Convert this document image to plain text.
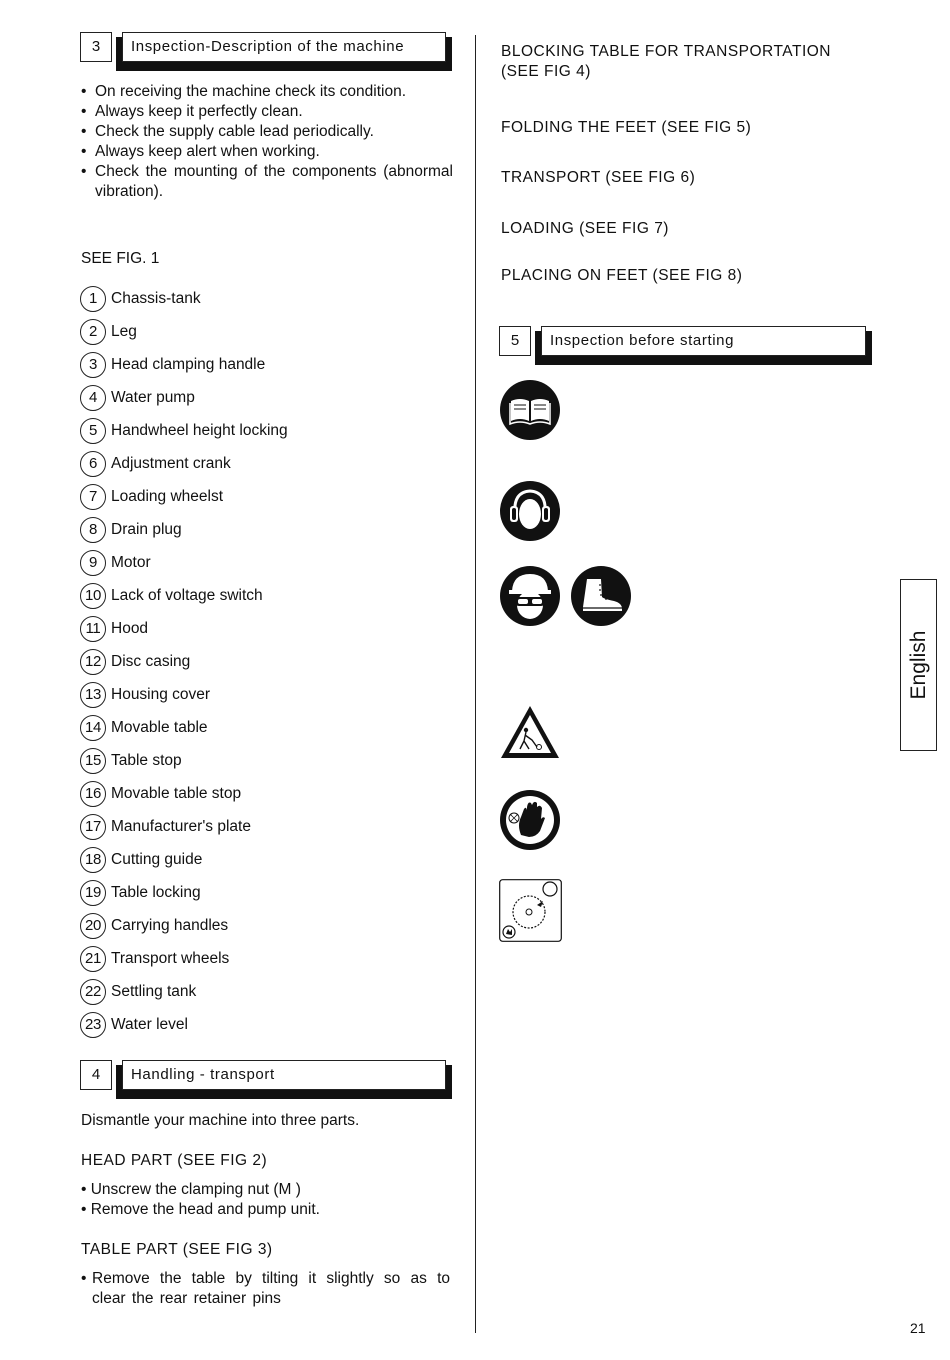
3	Inspection-Description of the machine
• On receiving the machine check its condition.
• Always keep it perfectly clean.
• Check the supply cable lead periodically.
• Always keep alert when working.
• Check the mounting of the components (abnormal vibration).
SEE FIG. 1
1 Chassis-tank
2 Leg
3 Head clamping handle
4 Water pump
5 Handwheel height locking
6 Adjustment crank
7 Loading wheelst
8 Drain plug
9 Motor
10 Lack of voltage switch
11 Hood
12 Disc casing
13 Housing cover
14 Movable table
15 Table stop
16 Movable table stop
17 Manufacturer's plate
18 Cutting guide
19 Table locking
20 Carrying handles
21 Transport wheels
22 Settling tank
23 Water level
4	Handling - transport
Dismantle your machine into three parts.
HEAD PART (SEE FIG 2)
• Unscrew the clamping nut (M )
• Remove the head and pump unit.
TABLE PART (SEE FIG 3)
• Remove the table by tilting it slightly so as to clear the rear retainer pins
BLOCKING TABLE FOR TRANSPORTATION
(SEE FIG 4)
FOLDING THE FEET (SEE FIG 5)
TRANSPORT (SEE FIG 6)
LOADING (SEE FIG 7)
PLACING ON FEET (SEE FIG 8)
5	Inspection before starting
English
21
